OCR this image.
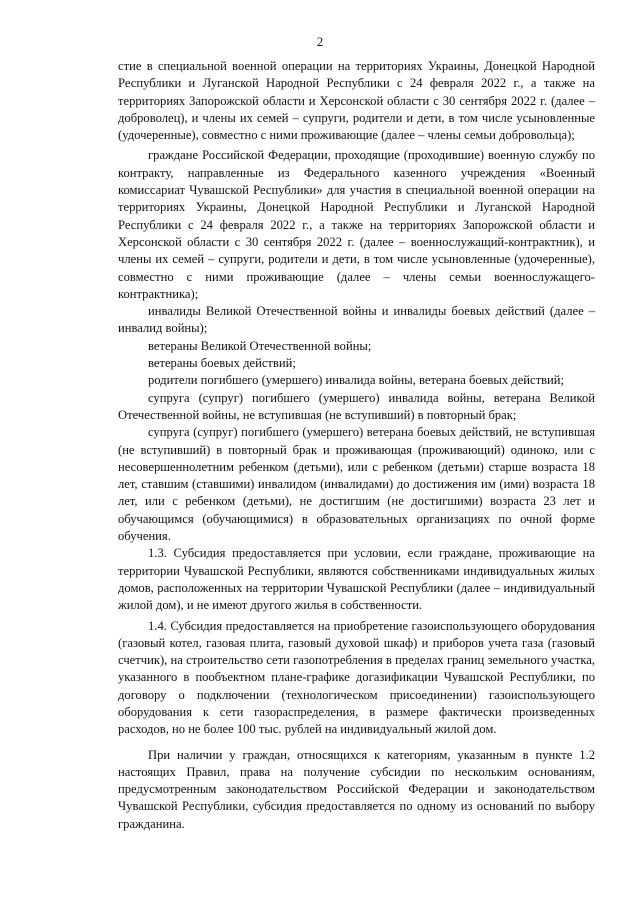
2

стие в специальной военной операции на территориях Украины, Донецкой Народной Республики и Луганской Народной Республики с 24 февраля 2022 г., а также на территориях Запорожской области и Херсонской области с 30 сентября 2022 г. (далее – доброволец), и члены их семей – супруги, родители и дети, в том числе усыновленные (удочеренные), совместно с ними проживающие (далее – члены семьи добровольца);

граждане Российской Федерации, проходящие (проходившие) военную службу по контракту, направленные из Федерального казенного учреждения «Военный комиссариат Чувашской Республики» для участия в специальной военной операции на территориях Украины, Донецкой Народной Республики и Луганской Народной Республики с 24 февраля 2022 г., а также на территориях Запорожской области и Херсонской области с 30 сентября 2022 г. (далее – военнослужащий-контрактник), и члены их семей – супруги, родители и дети, в том числе усыновленные (удочеренные), совместно с ними проживающие (далее – члены семьи военнослужащего-контрактника);

инвалиды Великой Отечественной войны и инвалиды боевых действий (далее – инвалид войны);

ветераны Великой Отечественной войны;

ветераны боевых действий;

родители погибшего (умершего) инвалида войны, ветерана боевых действий;

супруга (супруг) погибшего (умершего) инвалида войны, ветерана Великой Отечественной войны, не вступившая (не вступивший) в повторный брак;

супруга (супруг) погибшего (умершего) ветерана боевых действий, не вступившая (не вступивший) в повторный брак и проживающая (проживающий) одиноко, или с несовершеннолетним ребенком (детьми), или с ребенком (детьми) старше возраста 18 лет, ставшим (ставшими) инвалидом (инвалидами) до достижения им (ими) возраста 18 лет, или с ребенком (детьми), не достигшим (не достигшими) возраста 23 лет и обучающимся (обучающимися) в образовательных организациях по очной форме обучения.

1.3. Субсидия предоставляется при условии, если граждане, проживающие на территории Чувашской Республики, являются собственниками индивидуальных жилых домов, расположенных на территории Чувашской Республики (далее – индивидуальный жилой дом), и не имеют другого жилья в собственности.

1.4. Субсидия предоставляется на приобретение газоиспользующего оборудования (газовый котел, газовая плита, газовый духовой шкаф) и приборов учета газа (газовый счетчик), на строительство сети газопотребления в пределах границ земельного участка, указанного в пообъектном плане-графике догазификации Чувашской Республики, по договору о подключении (технологическом присоединении) газоиспользующего оборудования к сети газораспределения, в размере фактически произведенных расходов, но не более 100 тыс. рублей на индивидуальный жилой дом.

При наличии у граждан, относящихся к категориям, указанным в пункте 1.2 настоящих Правил, права на получение субсидии по нескольким основаниям, предусмотренным законодательством Российской Федерации и законодательством Чувашской Республики, субсидия предоставляется по одному из оснований по выбору гражданина.
